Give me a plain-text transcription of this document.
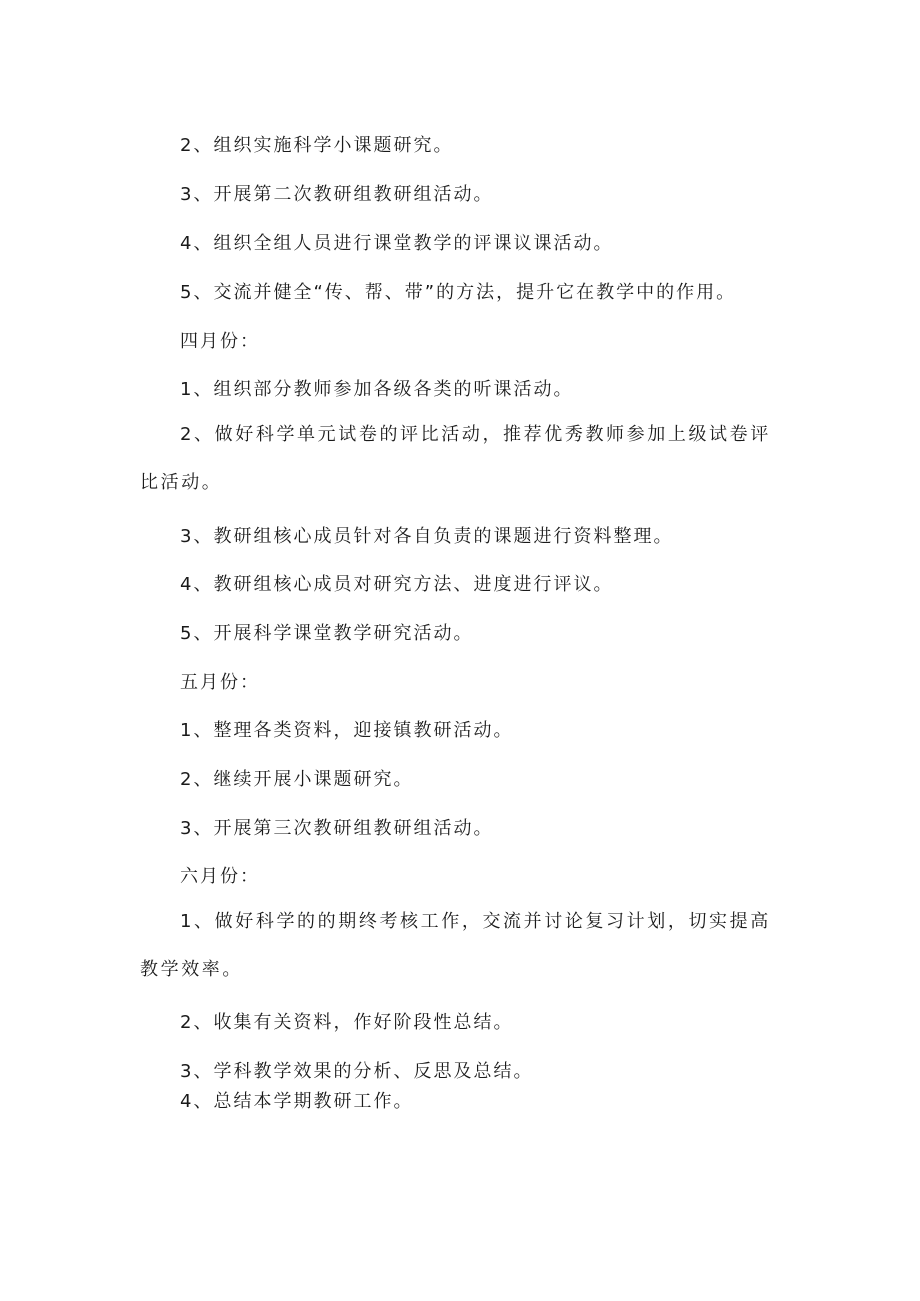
2、组织实施科学小课题研究。

3、开展第二次教研组教研组活动。

4、组织全组人员进行课堂教学的评课议课活动。

5、交流并健全“传、帮、带”的方法，提升它在教学中的作用。

四月份：

1、组织部分教师参加各级各类的听课活动。

2、做好科学单元试卷的评比活动，推荐优秀教师参加上级试卷评比活动。

3、教研组核心成员针对各自负责的课题进行资料整理。

4、教研组核心成员对研究方法、进度进行评议。

5、开展科学课堂教学研究活动。

五月份：

1、整理各类资料，迎接镇教研活动。

2、继续开展小课题研究。

3、开展第三次教研组教研组活动。

六月份：

1、做好科学的的期终考核工作，交流并讨论复习计划，切实提高教学效率。

2、收集有关资料，作好阶段性总结。

3、学科教学效果的分析、反思及总结。

4、总结本学期教研工作。
